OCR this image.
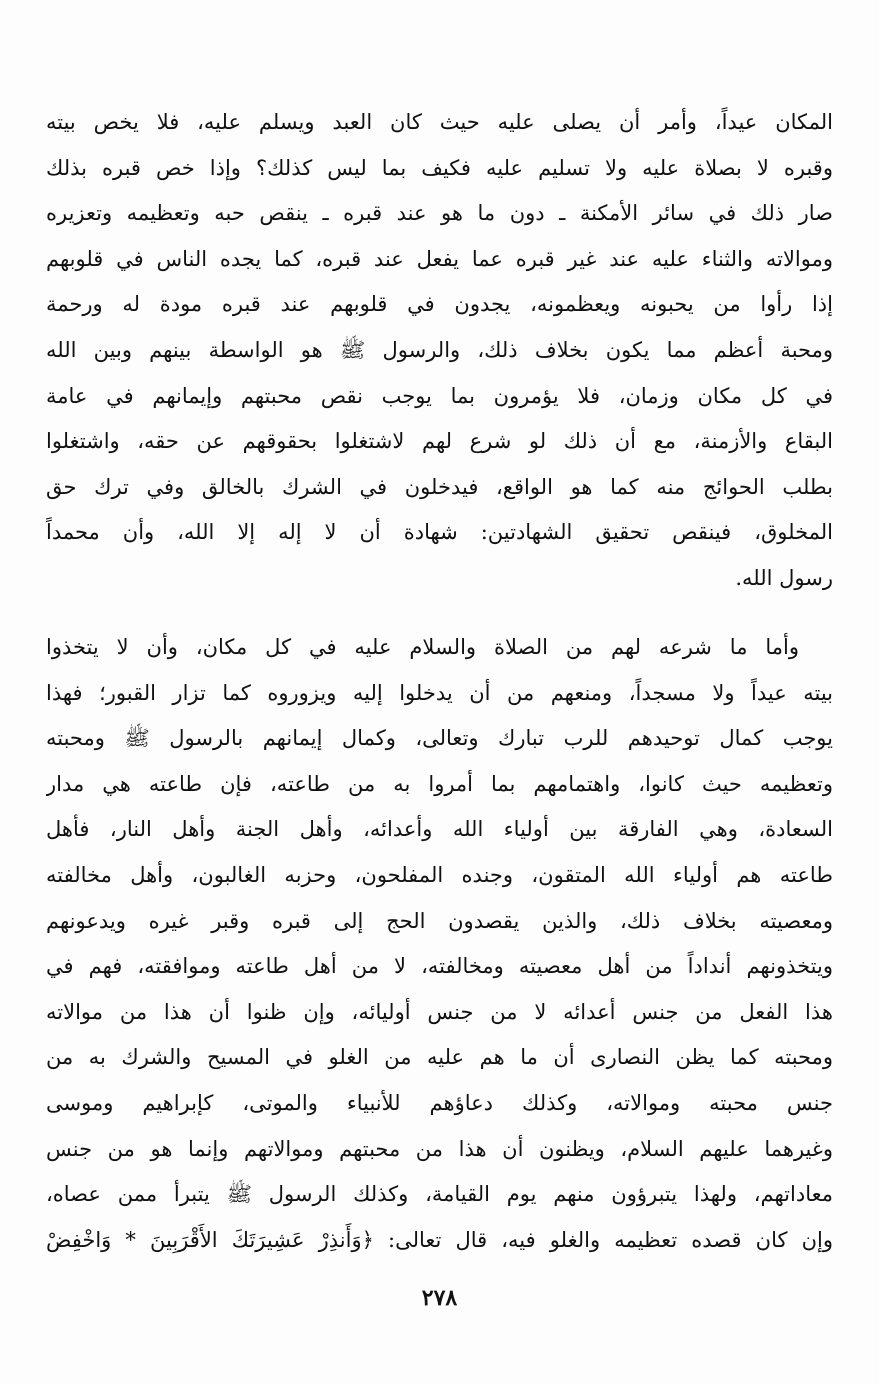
المكان عيداً، وأمر أن يصلى عليه حيث كان العبد ويسلم عليه، فلا يخص بيته
وقبره لا بصلاة عليه ولا تسليم عليه فكيف بما ليس كذلك؟ وإذا خص قبره بذلك
صار ذلك في سائر الأمكنة ـ دون ما هو عند قبره ـ ينقص حبه وتعظيمه وتعزيره
وموالاته والثناء عليه عند غير قبره عما يفعل عند قبره، كما يجده الناس في قلوبهم
إذا رأوا من يحبونه ويعظمونه، يجدون في قلوبهم عند قبره مودة له ورحمة
ومحبة أعظم مما يكون بخلاف ذلك، والرسول ﷺ هو الواسطة بينهم وبين الله
في كل مكان وزمان، فلا يؤمرون بما يوجب نقص محبتهم وإيمانهم في عامة
البقاع والأزمنة، مع أن ذلك لو شرع لهم لاشتغلوا بحقوقهم عن حقه، واشتغلوا
بطلب الحوائج منه كما هو الواقع، فيدخلون في الشرك بالخالق وفي ترك حق
المخلوق، فينقص تحقيق الشهادتين: شهادة أن لا إله إلا الله، وأن محمداً
رسول الله.
وأما ما شرعه لهم من الصلاة والسلام عليه في كل مكان، وأن لا يتخذوا
بيته عيداً ولا مسجداً، ومنعهم من أن يدخلوا إليه ويزوروه كما تزار القبور؛ فهذا
يوجب كمال توحيدهم للرب تبارك وتعالى، وكمال إيمانهم بالرسول ﷺ ومحبته
وتعظيمه حيث كانوا، واهتمامهم بما أمروا به من طاعته، فإن طاعته هي مدار
السعادة، وهي الفارقة بين أولياء الله وأعدائه، وأهل الجنة وأهل النار، فأهل
طاعته هم أولياء الله المتقون، وجنده المفلحون، وحزبه الغالبون، وأهل مخالفته
ومعصيته بخلاف ذلك، والذين يقصدون الحج إلى قبره وقبر غيره ويدعونهم
ويتخذونهم أنداداً من أهل معصيته ومخالفته، لا من أهل طاعته وموافقته، فهم في
هذا الفعل من جنس أعدائه لا من جنس أوليائه، وإن ظنوا أن هذا من موالاته
ومحبته كما يظن النصارى أن ما هم عليه من الغلو في المسيح والشرك به من
جنس محبته وموالاته، وكذلك دعاؤهم للأنبياء والموتى، كإبراهيم وموسى
وغيرهما عليهم السلام، ويظنون أن هذا من محبتهم وموالاتهم وإنما هو من جنس
معاداتهم، ولهذا يتبرؤون منهم يوم القيامة، وكذلك الرسول ﷺ يتبرأ ممن عصاه،
وإن كان قصده تعظيمه والغلو فيه، قال تعالى: ﴿وَأَنذِرْ عَشِيرَتَكَ الأَقْرَبِينَ * وَاخْفِضْ
٢٧٨
